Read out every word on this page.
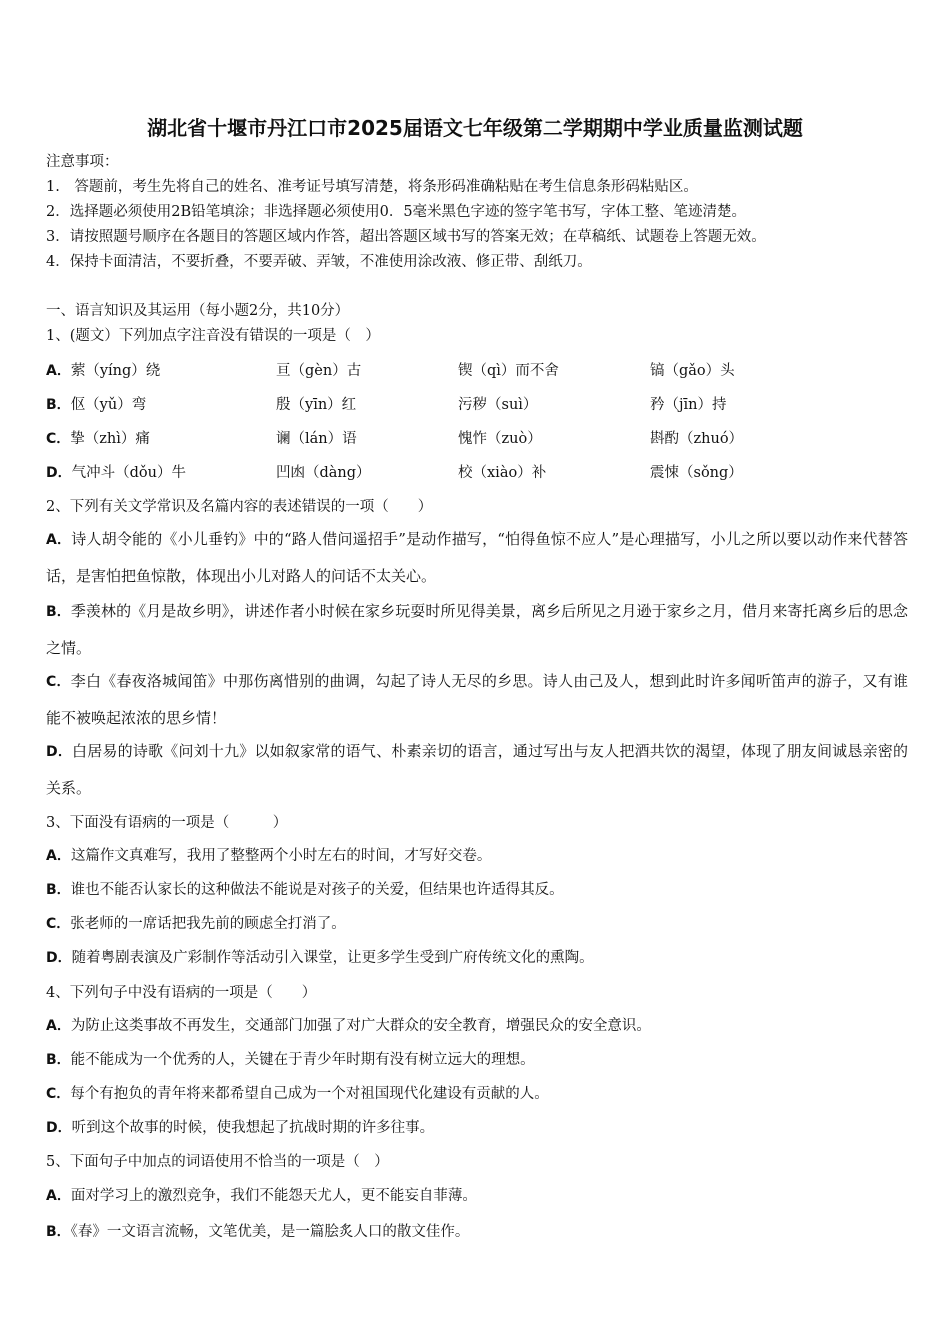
湖北省十堰市丹江口市2025届语文七年级第二学期期中学业质量监测试题
注意事项：
1.　答题前，考生先将自己的姓名、准考证号填写清楚，将条形码准确粘贴在考生信息条形码粘贴区。
2．选择题必须使用2B铅笔填涂；非选择题必须使用0．5毫米黑色字迹的签字笔书写，字体工整、笔迹清楚。
3．请按照题号顺序在各题目的答题区域内作答，超出答题区域书写的答案无效；在草稿纸、试题卷上答题无效。
4．保持卡面清洁，不要折叠，不要弄破、弄皱，不准使用涂改液、修正带、刮纸刀。
一、语言知识及其运用（每小题2分，共10分）
1、(题文）下列加点字注音没有错误的一项是（　）
A．萦（yíng）绕	亘（gèn）古	锲（qì）而不舍	镐（gǎo）头
B．伛（yǔ）弯	殷（yīn）红	污秽（suì）	矜（jīn）持
C．挚（zhì）痛	谰（lán）语	愧怍（zuò）	斟酌（zhuó）
D．气冲斗（dǒu）牛	凹凼（dàng）	校（xiào）补	震悚（sǒng）
2、下列有关文学常识及名篇内容的表述错误的一项（　　）
A．诗人胡令能的《小儿垂钓》中的“路人借问遥招手”是动作描写，“怕得鱼惊不应人”是心理描写，小儿之所以要以动作来代替答话，是害怕把鱼惊散，体现出小儿对路人的问话不太关心。
B．季羡林的《月是故乡明》，讲述作者小时候在家乡玩耍时所见得美景，离乡后所见之月逊于家乡之月，借月来寄托离乡后的思念之情。
C．李白《春夜洛城闻笛》中那伤离惜别的曲调，勾起了诗人无尽的乡思。诗人由己及人，想到此时许多闻听笛声的游子，又有谁能不被唤起浓浓的思乡情！
D．白居易的诗歌《问刘十九》以如叙家常的语气、朴素亲切的语言，通过写出与友人把酒共饮的渴望，体现了朋友间诚恳亲密的关系。
3、下面没有语病的一项是（　　　）
A．这篇作文真难写，我用了整整两个小时左右的时间，才写好交卷。
B．谁也不能否认家长的这种做法不能说是对孩子的关爱，但结果也许适得其反。
C．张老师的一席话把我先前的顾虑全打消了。
D．随着粤剧表演及广彩制作等活动引入课堂，让更多学生受到广府传统文化的熏陶。
4、下列句子中没有语病的一项是（　　）
A．为防止这类事故不再发生，交通部门加强了对广大群众的安全教育，增强民众的安全意识。
B．能不能成为一个优秀的人，关键在于青少年时期有没有树立远大的理想。
C．每个有抱负的青年将来都希望自己成为一个对祖国现代化建设有贡献的人。
D．听到这个故事的时候，使我想起了抗战时期的许多往事。
5、下面句子中加点的词语使用不恰当的一项是（　）
A．面对学习上的激烈竞争，我们不能怨天尤人，更不能妄自菲薄。
B．《春》一文语言流畅，文笔优美，是一篇脍炙人口的散文佳作。
